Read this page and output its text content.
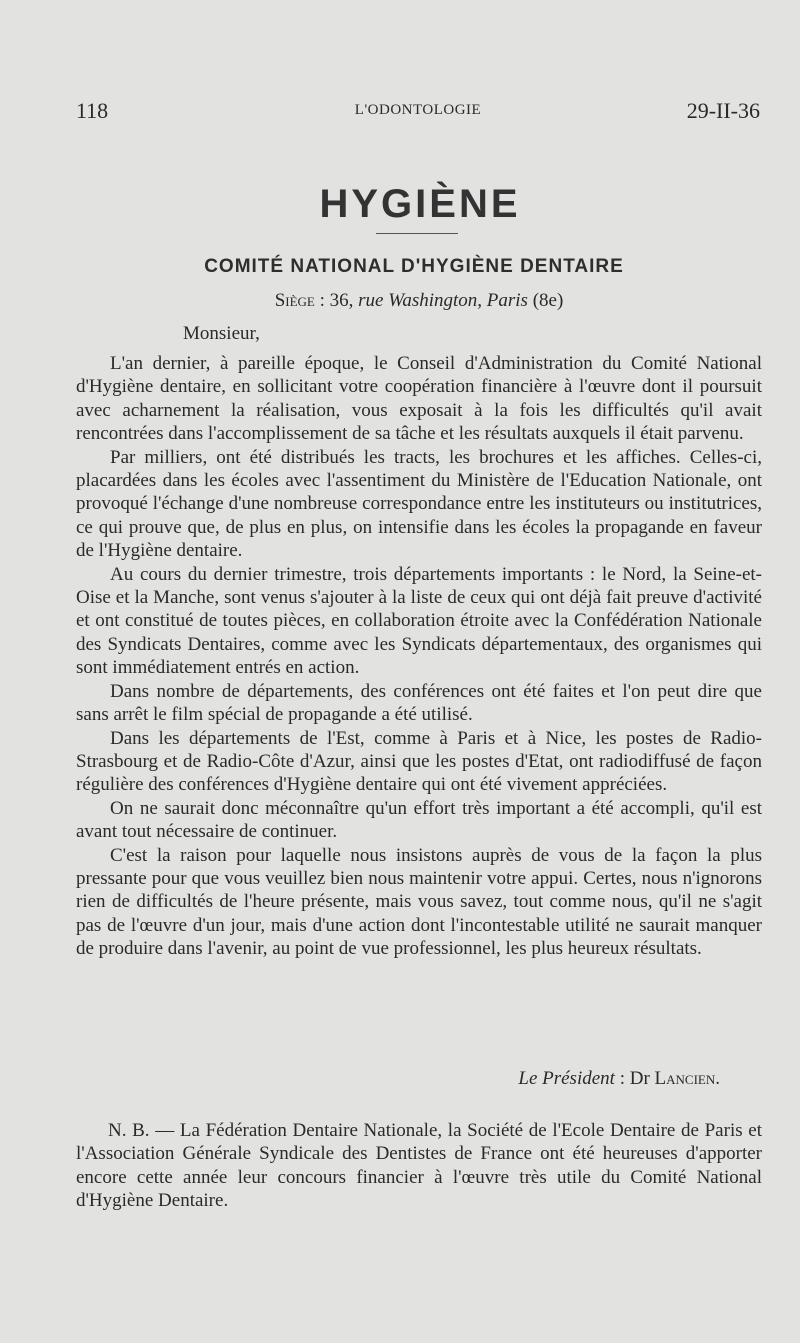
118	L'ODONTOLOGIE	29-II-36
HYGIÈNE
COMITÉ NATIONAL D'HYGIÈNE DENTAIRE
Siège : 36, rue Washington, Paris (8e)
Monsieur,

L'an dernier, à pareille époque, le Conseil d'Administration du Comité National d'Hygiène dentaire, en sollicitant votre coopération financière à l'œuvre dont il poursuit avec acharnement la réalisation, vous exposait à la fois les difficultés qu'il avait rencontrées dans l'accomplissement de sa tâche et les résultats auxquels il était parvenu.

Par milliers, ont été distribués les tracts, les brochures et les affiches. Celles-ci, placardées dans les écoles avec l'assentiment du Ministère de l'Education Nationale, ont provoqué l'échange d'une nombreuse correspondance entre les instituteurs ou institutrices, ce qui prouve que, de plus en plus, on intensifie dans les écoles la propagande en faveur de l'Hygiène dentaire.

Au cours du dernier trimestre, trois départements importants : le Nord, la Seine-et-Oise et la Manche, sont venus s'ajouter à la liste de ceux qui ont déjà fait preuve d'activité et ont constitué de toutes pièces, en collaboration étroite avec la Confédération Nationale des Syndicats Dentaires, comme avec les Syndicats départementaux, des organismes qui sont immédiatement entrés en action.

Dans nombre de départements, des conférences ont été faites et l'on peut dire que sans arrêt le film spécial de propagande a été utilisé.

Dans les départements de l'Est, comme à Paris et à Nice, les postes de Radio-Strasbourg et de Radio-Côte d'Azur, ainsi que les postes d'Etat, ont radiodiffusé de façon régulière des conférences d'Hygiène dentaire qui ont été vivement appréciées.

On ne saurait donc méconnaître qu'un effort très important a été accompli, qu'il est avant tout nécessaire de continuer.

C'est la raison pour laquelle nous insistons auprès de vous de la façon la plus pressante pour que vous veuillez bien nous maintenir votre appui. Certes, nous n'ignorons rien de difficultés de l'heure présente, mais vous savez, tout comme nous, qu'il ne s'agit pas de l'œuvre d'un jour, mais d'une action dont l'incontestable utilité ne saurait manquer de produire dans l'avenir, au point de vue professionnel, les plus heureux résultats.

Le Président : Dr Lancien.

N. B. — La Fédération Dentaire Nationale, la Société de l'Ecole Dentaire de Paris et l'Association Générale Syndicale des Dentistes de France ont été heureuses d'apporter encore cette année leur concours financier à l'œuvre très utile du Comité National d'Hygiène Dentaire.
